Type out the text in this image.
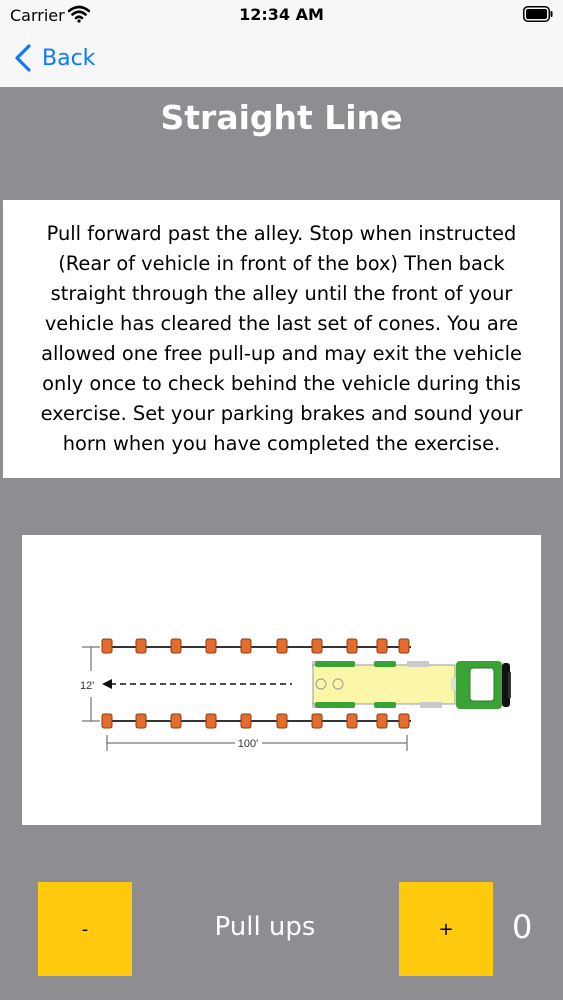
Carrier	12:34 AM
Back
Straight Line

Pull forward past the alley. Stop when instructed (Rear of vehicle in front of the box) Then back straight through the alley until the front of your vehicle has cleared the last set of cones. You are allowed one free pull-up and may exit the vehicle only once to check behind the vehicle during this exercise. Set your parking brakes and sound your horn when you have completed the exercise.

12'
100'
-	Pull ups	+	0
